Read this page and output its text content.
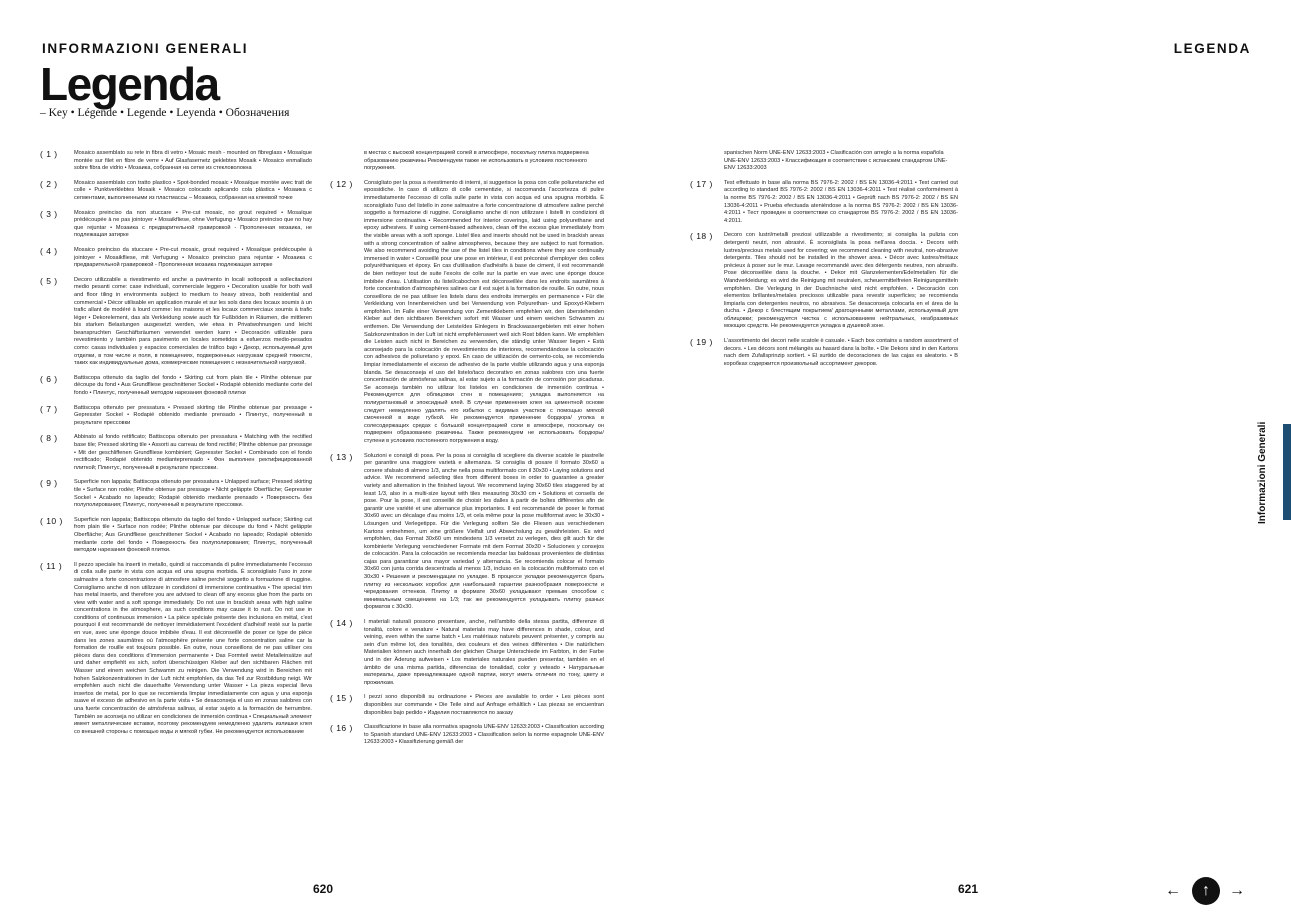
INFORMAZIONI GENERALI	LEGENDA
Legenda
– Key • Légende • Legende • Leyenda • Обозначения
( 1 )	Mosaico assemblato su rete in fibra di vetro • Mosaic mesh - mounted on fibreglass • Mosaïque montée sur filet en fibre de verre • Auf Glasfasernetz geklebtes Mosaik • Mosaico enmallado sobre fibra de vidrio • Мозаика, собранная на сетке из стекловолокна
( 2 )	Mosaico assemblato con tratto plastico • Spot-bonded mosaic • Mosaïque montée avec trait de colle • Punktverklebtes Mosaik • Mosaico colocado aplicando cola plástica • Мозаика с сегментами, выполненными из пластмассы – Мозаика, собранная на клеевой точке
( 3 )	Mosaico preinciso da non stuccare • Pre-cut mosaic, no grout required • Mosaïque prédécoupée à ne pas jointoyer • Mosaikfliese, ohne Verfugung • Mosaico preinciso que no hay que rejuntar • Мозаика с предварительной гравировкой - Прополенная мозаика, не подлежащая затирке
( 4 )	Mosaico preinciso da stuccare • Pre-cut mosaic, grout required • Mosaïque prédécoupée à jointoyer • Mosaikfliese, mit Verfugung • Mosaico preinciso para rejuntar • Мозаика с предварительной гравировкой - Прополенная мозаика подлежащая затирке
( 5 )	Decoro utilizzabile a rivestimento ed anche a pavimento in locali sottoposti a sollecitazioni medio pesanti come: case individuali, commerciale leggero • Decoration usable for both wall and floor tiling in environments subject to medium to heavy stress, both residential and commercial • Décor utilisable en application murale et sur les sols dans des locaux soumis à un trafic allant de modéré à lourd comme: les maisons et les locaux commerciaux soumis à trafic léger • Dekorelement, das als Verkleidung sowie auch für Fußböden in Räumen, die mittleren bis starken Belastungen ausgesetzt werden, wie etwa in Privatwohnungen und leicht beanspruchten Geschäftsräumen verwendet werden kann • Decoración utilizable para revestimiento y también para pavimento en locales sometidos a esfuerzos medio-pesados como: casas individuales y espacios comerciales de tráfico bajo • Декор, используемый для отделки, в том числе и поля, в помещениях, подверженных нагрузкам средней тяжести, таких как индивидуальные дома, коммерческие помещения с незначительной нагрузкой.
( 6 )	Battiscopa ottenuto da taglio del fondo • Skirting cut from plain tile • Plinthe obtenue par découpe du fond • Aus Grundfliese geschnittener Sockel • Rodapié obtenido mediante corte del fondo • Плинтус, полученный методом нарезания фоновой плитки
( 7 )	Battiscopa ottenuto per pressatura • Pressed skirting tile Plinthe obtenue par pressage • Gepresster Sockel • Rodapié obtenido mediante prensado • Плинтус, полученный в результате прессовки
( 8 )	Abbinato al fondo rettificato; Battiscopa ottenuto per pressatura • Matching with the rectified base tile; Pressed skirting tile • Assorti au carreau de fond rectifié; Plinthe obtenue par pressage • Mit der geschliffenen Grundfliese kombiniert; Gepresster Sockel • Combinado con el fondo rectificado; Rodapié obtenido medianteprensado • Фон выполнен ректифицированной плиткой; Плинтус, полученный в результате прессовки.
( 9 )	Superficie non lappata; Battiscopa ottenuto per pressatura • Unlapped surface; Pressed skirting tile • Surface non rodée; Plinthe obtenue par pressage • Nicht geläppte Oberfläche; Gepresster Sockel • Acabado no lapeado; Rodapié obtenido mediante prensado • Поверхность без полуполирования; Плинтус, полученный в результате прессовки.
( 10 )	Superficie non lappata; Battiscopa ottenuto da taglio del fondo • Unlapped surface; Skirting cut from plain tile • Surface non rodée; Plinthe obtenue par découpe du fond • Nicht geläppte Oberfläche; Aus Grundfliese geschnittener Sockel • Acabado no lapeado; Rodapié obtenido mediante corte del fondo • Поверхность без полуполирования; Плинтус, полученный методом нарезания фоновой плитки.
( 11 )	Il pezzo speciale ha inserti in metallo, quindi si raccomanda di pulire immediatamente l'eccesso di colla sulle parte in vista con acqua ed una spugna morbida. È sconsigliato l'uso in zone salmastre a forte concentrazione di atmosfere saline perché soggetto a formazione di ruggine. Consigliamo anche di non utilizzare in condizioni di immersione continuativa • The special trim has metal inserts, and therefore you are advised to clean off any excess glue from the parts on view with water and a soft sponge immediately. Do not use in brackish areas with high saline concentrations in the atmosphere, as such conditions may cause it to rust. Do not use in conditions of continuous immersion • La pièce spéciale présente des inclusions en métal, c'est pourquoi il est recommandé de nettoyer immédiatement l'excédent d'adhésif resté sur la partie en vue, avec une éponge douce imbibée d'eau. Il est déconseillé de poser ce type de pièce dans les zones saumâtres où l'atmosphère présente une forte concentration saline car la formation de rouille est toujours possible. En outre, nous conseillons de ne pas utiliser ces pièces dans des conditions d'immersion permanente • Das Formteil weist Metalleinsätze auf und daher empfiehlt es sich, sofort überschüssigen Kleber auf den sichtbaren Flächen mit Wasser und einem weichen Schwamm zu reinigen. Die Verwendung wird in Bereichen mit hohen Salzkonzentrationen in der Luft nicht empfohlen, da das Teil zur Rostbildung neigt. Wir empfehlen auch nicht die dauerhafte Verwendung unter Wasser • La pieza especial lleva insertos de metal, por lo que se recomienda limpiar inmediatamente con agua y una esponja suave el exceso de adhesivo en la parte vista • Se desaconseja el uso en zonas salobres con una fuerte concentración de atmósferas salinas, al estar sujeto a la formación de herrumbre. También se aconseja no utilizar en condiciones de inmersión continua • Специальный элемент имеет металлические вставки, поэтому рекомендуем немедленно удалить излишки клея со внешней стороны с помощью воды и мягкой губки. Не рекомендуется использование
в местах с высокой концентрацией солей в атмосфере, поскольку плитка подвержена образованию ржавчины Рекомендуем также не использовать в условиях постоянного погружения.
( 12 )	Consigliato per la posa a rivestimento di interni, si suggerisce la posa con colle poliuretaniche ed epossidiche. In caso di utilizzo di colle cementizie, si raccomanda l'accortezza di pulire immediatamente l'eccesso di colla sulle parte in vista con acqua ed una spugna morbida. È sconsigliato l'uso del listello in zone salmastre a forte concentrazione di atmosfere saline perché soggetto a formazione di ruggine. Consigliamo anche di non utilizzare i listelli in condizioni di immersione continuativa • Recommended for interior coverings, laid using polyurethane and epoxy adhesives. If using cement-based adhesives, clean off the excess glue immediately from the visible areas with a soft sponge. Listel tiles and inserts should not be used in brackish areas with a strong concentration of saline atmospheres, because they are subject to rust formation. We also recommend avoiding the use of the listel tiles in conditions where they are continually immersed in water • Conseillé pour une pose en intérieur, il est préconisé d'employer des colles polyuréthaniques et époxy. En cas d'utilisation d'adhésifs à base de ciment, il est recommandé de bien nettoyer tout de suite l'excès de colle sur la partie en vue avec une éponge douce imbibée d'eau. L'utilisation du listel/cabochon est déconseillée dans les endroits saumâtres à forte concentration d'atmosphères salines car il est sujet à la formation de rouille. En outre, nous conseillons de ne pas utiliser les listels dans des endroits immergés en permanence • Für die Verkleidung von Innenbereichen und bei Verwendung von Polyurethan- und Epoxyd-Klebern empfohlen. Im Falle einer Verwendung von Zementklebern empfehlen wir, den überstehenden Kleber auf den sichtbaren Bereichen sofort mit Wasser und einem weichen Schwamm zu entfernen. Die Verwendung der Leiste/des Einlegers in Brackwassergebieten mit einer hohen Salzkonzentration in der Luft ist nicht empfehlenswert weil sich Rost bilden kann. Wir empfehlen die Leisten auch nicht in Bereichen zu verwenden, die ständig unter Wasser liegen • Está aconsejado para la colocación de revestimientos de interiores, recomendándose la colocación con adhesivos de poliuretano y epoxi. En caso de utilización de cemento-cola, se recomienda limpiar inmediatamente el exceso de adhesivo de la parte visible utilizando agua y una esponja blanda. Se desaconseja el uso del listelo/taco decorativo en zonas salobres con una fuerte concentración de atmósferas salinas, al estar sujeto a la formación de corrosión por picaduras. Se aconseja también no utilizar los listelos en condiciones de inmersión continua • Рекомендуется для облицовки стен в помещениях; укладка выполняется на полиуретановый и эпоксидный клей. В случае применения клея на цементной основе следует немедленно удалять его избытки с видимых участков с помощью мягкой смоченной в воде губкой. Не рекомендуется применение бордюра/ уголка в солесодержащих средах с большой концентрацией соли в атмосфере, поскольку он подвержен образованию ржавчины. Также рекомендуем не использовать бордюры/ ступени в условиях постоянного погружения в воду.
( 13 )	Soluzioni e consigli di posa. Per la posa si consiglia di scegliere da diverse scatole le piastrelle per garantire una maggiore varietà e alternanza. Si consiglia di posare il formato 30x60 a corsere sfalsato di almeno 1/3, anche nella posa multiformato con il 30x30 • Laying solutions and advice. We recommend selecting tiles from different boxes in order to guarantee a greater variety and alternation in the finished layout. We recommend laying 30x60 tiles staggered by at least 1/3, also in a multi-size layout with tiles measuring 30x30 cm • Solutions et conseils de pose. Pour la pose, il est conseillé de choisir les dalles à partir de boîtes différentes afin de garantir une variété et une alternance plus importantes. Il est recommandé de poser le format 30x60 avec un décalage d'au moins 1/3, et cela même pour la pose multiformat avec le 30x30 • Lösungen und Verlegetipps. Für die Verlegung sollten Sie die Fliesen aus verschiedenen Kartons entnehmen, um eine größere Vielfalt und Abwechslung zu gewährleisten. Es wird empfohlen, das Format 30x60 um mindestens 1/3 versetzt zu verlegen, dies gilt auch für die kombinierte Verlegung verschiedener Formate mit dem Format 30x30 • Soluciones y consejos de colocación. Para la colocación se recomienda mezclar las baldosas provenientes de distintas cajas para garantizar una mayor variedad y alternancia. Se recomienda colocar el formato 30x60 con junta corrida descentrada al menos 1/3, incluso en la colocación multiformato con el 30x30 • Решения и рекомендации по укладке. В процессе укладки рекомендуется брать плитку из нескольких коробок для наибольшей гарантии разнообразия поверхности и чередования оттенков. Плитку в формате 30x60 укладывают премым способом с минимальным смещением на 1/3; так же рекомендуется укладывать плитку разных форматов с 30x30.
( 14 )	I materiali naturali possono presentare, anche, nell'ambito della stessa partita, differenze di tonalità, colore e venature • Natural materials may have differences in shade, colour, and veining, even within the same batch • Les matériaux naturels peuvent présenter, y compris au sein d'un même lot, des tonalités, des couleurs et des veines différentes • Die natürlichen Materialien können auch innerhalb der gleichen Charge Unterschiede im Farbton, in der Farbe und in der Äderung aufweisen • Los materiales naturales pueden presentar, también en el ámbito de una misma partida, diferencias de tonalidad, color y veteado • Натуральные материалы, даже принадлежащие одной партии, могут иметь отличия по тону, цвету и прожилкам.
( 15 )	I pezzi sono disponibili su ordinazione • Pieces are available to order • Les pièces sont disponibles sur commande • Die Teile sind auf Anfrage erhältlich • Las piezas se encuentran disponibles bajo pedido • Изделия поставляются по заказу
( 16 )	Classificazione in base alla normativa spagnola UNE-ENV 12633:2003 • Classification according to Spanish standard UNE-ENV 12633:2003 • Classification selon la norme espagnole UNE-ENV 12633:2003 • Klassifizierung gemäß der
spanischen Norm UNE-ENV 12633:2003 • Clasificación con arreglo a la norma española UNE-ENV 12633:2003 • Классификация в соответствии с испанским стандартом UNE-ENV 12633:2003
( 17 )	Test effettuato in base alla norma BS 7976-2: 2002 / BS EN 13036-4:2011 • Test carried out according to standard BS 7976-2: 2002 / BS EN 13036-4:2011 • Test réalisé conformément à la norme BS 7976-2: 2002 / BS EN 13036-4:2011 • Geprüft nach BS 7976-2: 2002 / BS EN 13036-4:2011 • Prueba efectuada ateniéndose a la norma BS 7976-2: 2002 / BS EN 13036-4:2011 • Тест проведен в соответствии со стандартом BS 7976-2: 2002 / BS EN 13036-4:2011.
( 18 )	Decoro con lustri/metalli preziosi utilizzabile a rivestimento; si consiglia la pulizia con detergenti neutri, non abrasivi. È sconsigliata la posa nell'area doccia. • Decors with lustres/precious metals used for covering; we recommend cleaning with neutral, non-abrasive detergents. Tiles should not be installed in the shower area. • Décor avec lustres/métaux précieux à poser sur le mur. Lavage recommandé avec des détergents neutres, non abrasifs. Pose déconseillée dans la douche. • Dekor mit Glanzelementen/Edelmetallen für die Wandverkleidung; es wird die Reinigung mit neutralen, scheuermittelfreien Reinigungsmitteln empfohlen. Die Verlegung in der Duschnische wird nicht empfohlen. • Decoración con elementos brillantes/metales preciosos utilizable para revestir superficies; se recomienda limpiarla con detergentes neutros, no abrasivos. Se desaconseja colocarla en el área de la ducha. • Декор с блестящим покрытием/ драгоценными металлами, используемый для облицовки; рекомендуется чистка с использованием нейтральных, неабразивных моющих средств. Не рекомендуется укладка в душевой зоне.
( 19 )	L'assortimento dei decori nelle scatole è casuale. • Each box contains a random assortment of decors. • Les décors sont mélangés au hasard dans la boîte. • Die Dekors sind in den Kartons nach dem Zufallsprinzip sortiert. • El surtido de decoraciones de las cajas es aleatorio. • В коробках содержится произвольный ассортимент декоров.
620	621
Informazioni Generali
←	↑	→
